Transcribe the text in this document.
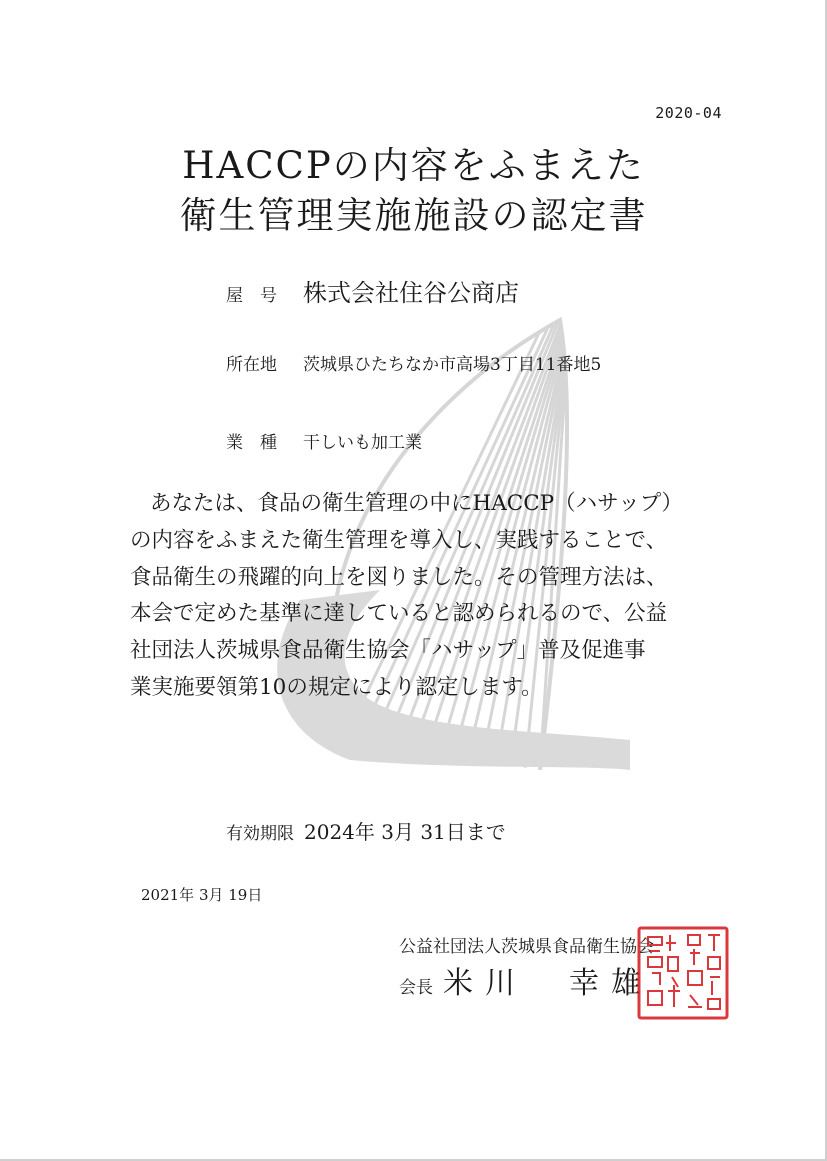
2020-04
HACCPの内容をふまえた
衛生管理実施施設の認定書
屋　号 株式会社住谷公商店
所在地 茨城県ひたちなか市高場3丁目11番地5
業　種 干しいも加工業
あなたは、食品の衛生管理の中にHACCP（ハサップ）
の内容をふまえた衛生管理を導入し、実践することで、
食品衛生の飛躍的向上を図りました。その管理方法は、
本会で定めた基準に達していると認められるので、公益
社団法人茨城県食品衛生協会「ハサップ」普及促進事
業実施要領第10の規定により認定します。
有効期限 2024年 3月 31日まで
2021年 3月 19日
公益社団法人茨城県食品衛生協会
会長 米川　幸雄
